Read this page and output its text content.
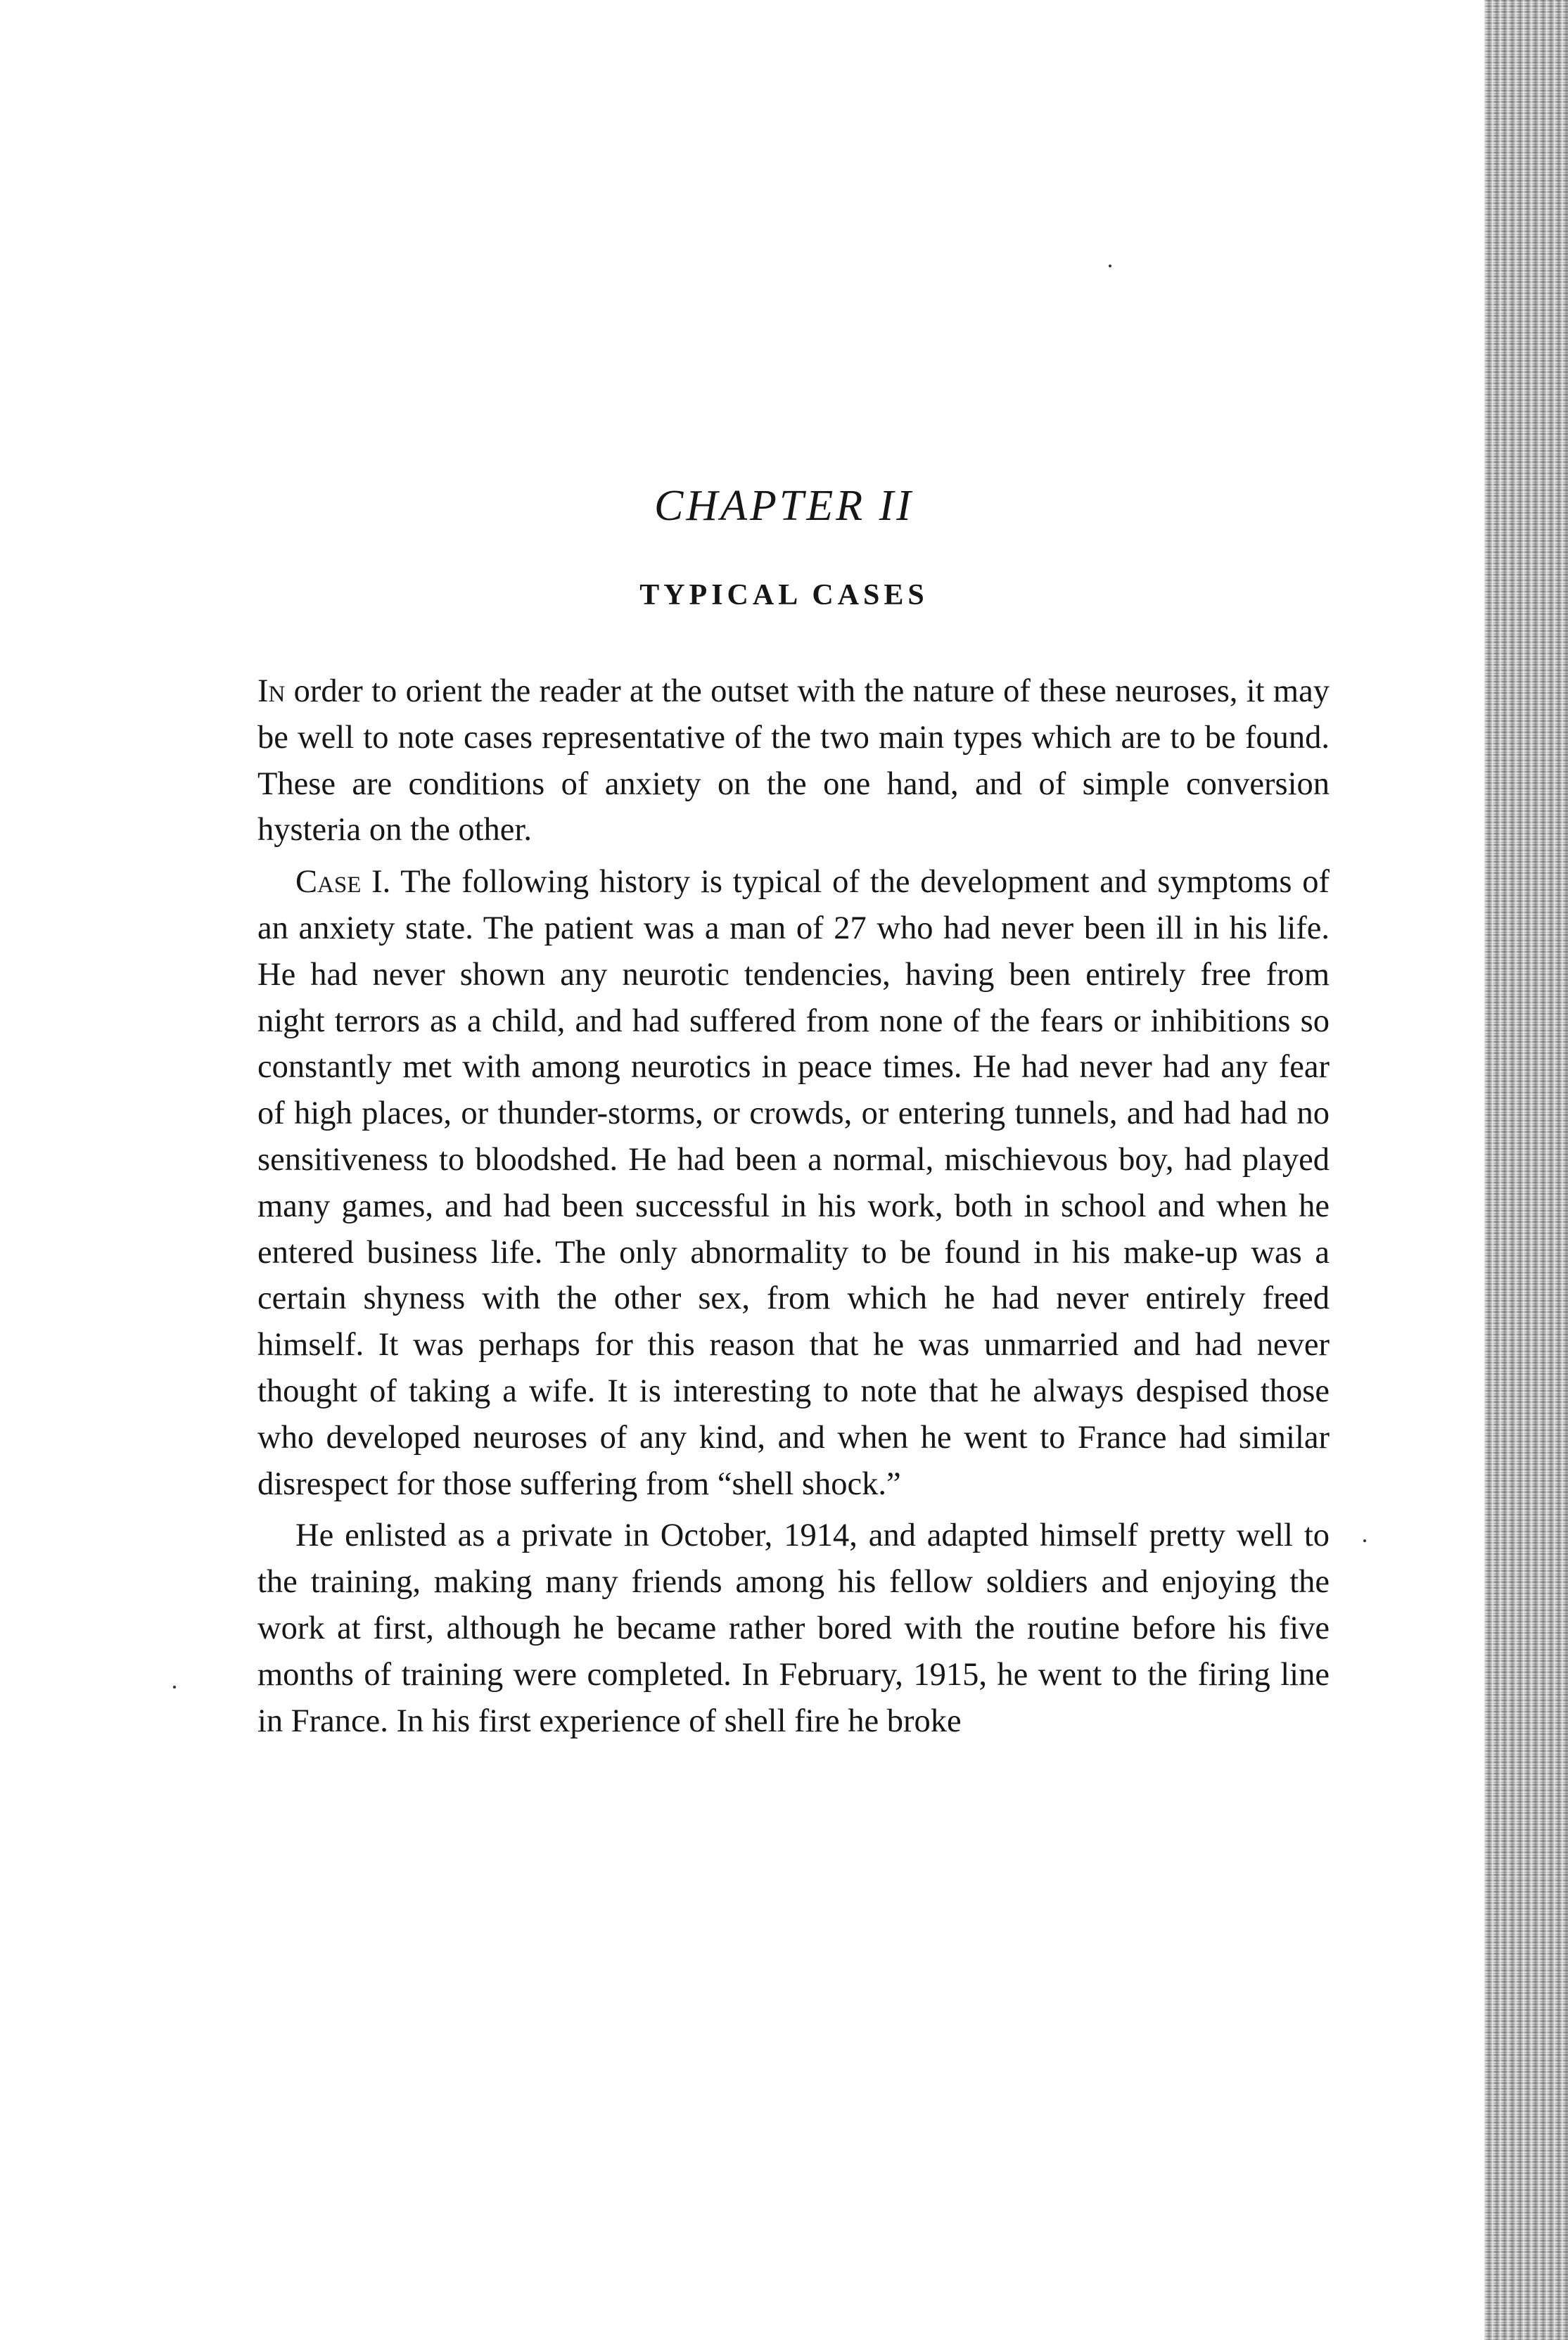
CHAPTER II
TYPICAL CASES

In order to orient the reader at the outset with the nature of these neuroses, it may be well to note cases representative of the two main types which are to be found. These are conditions of anxiety on the one hand, and of simple conversion hysteria on the other.

Case I. The following history is typical of the development and symptoms of an anxiety state. The patient was a man of 27 who had never been ill in his life. He had never shown any neurotic tendencies, having been entirely free from night terrors as a child, and had suffered from none of the fears or inhibitions so constantly met with among neurotics in peace times. He had never had any fear of high places, or thunder-storms, or crowds, or entering tunnels, and had had no sensitiveness to bloodshed. He had been a normal, mischievous boy, had played many games, and had been successful in his work, both in school and when he entered business life. The only abnormality to be found in his make-up was a certain shyness with the other sex, from which he had never entirely freed himself. It was perhaps for this reason that he was unmarried and had never thought of taking a wife. It is interesting to note that he always despised those who developed neuroses of any kind, and when he went to France had similar disrespect for those suffering from “shell shock.”

He enlisted as a private in October, 1914, and adapted himself pretty well to the training, making many friends among his fellow soldiers and enjoying the work at first, although he became rather bored with the routine before his five months of training were completed. In February, 1915, he went to the firing line in France. In his first experience of shell fire he broke
